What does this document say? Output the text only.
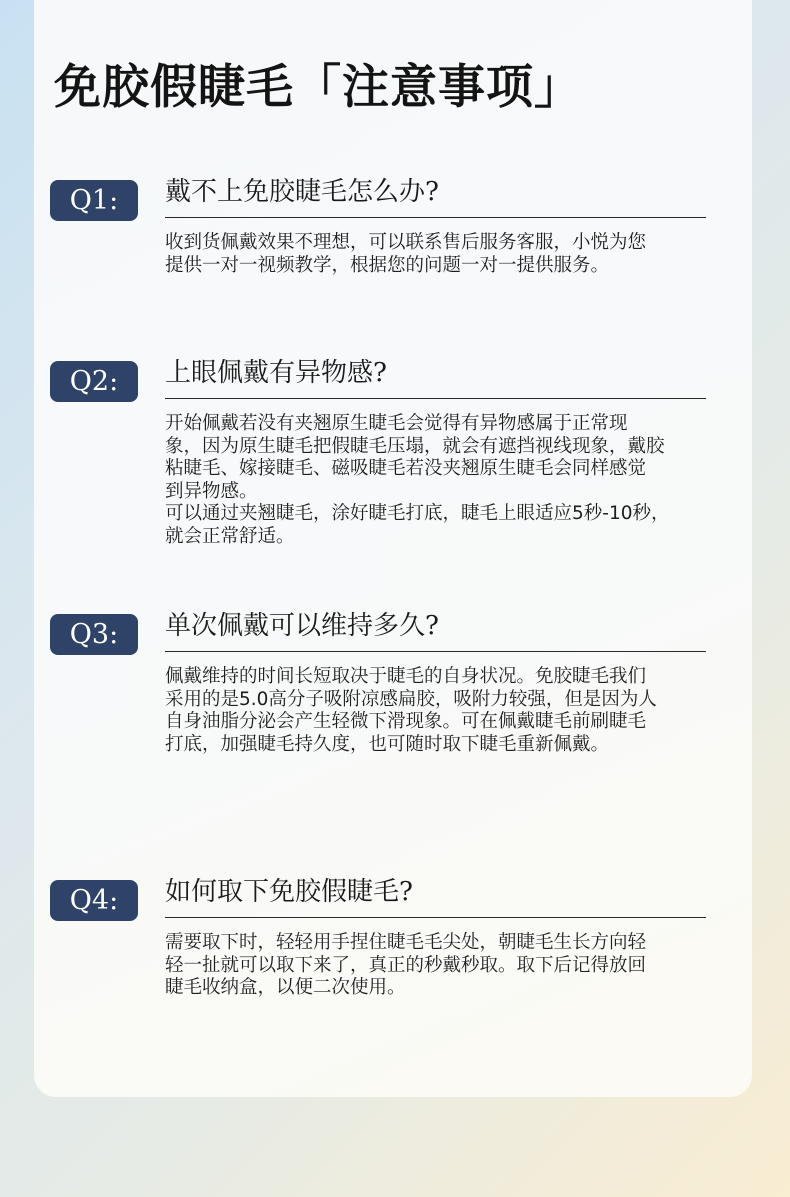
免胶假睫毛「注意事项」
Q1:	戴不上免胶睫毛怎么办?
收到货佩戴效果不理想，可以联系售后服务客服，小悦为您
提供一对一视频教学，根据您的问题一对一提供服务。
Q2:	上眼佩戴有异物感?
开始佩戴若没有夹翘原生睫毛会觉得有异物感属于正常现
象，因为原生睫毛把假睫毛压塌，就会有遮挡视线现象，戴胶
粘睫毛、嫁接睫毛、磁吸睫毛若没夹翘原生睫毛会同样感觉
到异物感。
可以通过夹翘睫毛，涂好睫毛打底，睫毛上眼适应5秒-10秒，
就会正常舒适。
Q3:	单次佩戴可以维持多久?
佩戴维持的时间长短取决于睫毛的自身状况。免胶睫毛我们
采用的是5.0高分子吸附凉感扁胶，吸附力较强，但是因为人
自身油脂分泌会产生轻微下滑现象。可在佩戴睫毛前刷睫毛
打底，加强睫毛持久度，也可随时取下睫毛重新佩戴。
Q4:	如何取下免胶假睫毛?
需要取下时，轻轻用手捏住睫毛毛尖处，朝睫毛生长方向轻
轻一扯就可以取下来了，真正的秒戴秒取。取下后记得放回
睫毛收纳盒，以便二次使用。
